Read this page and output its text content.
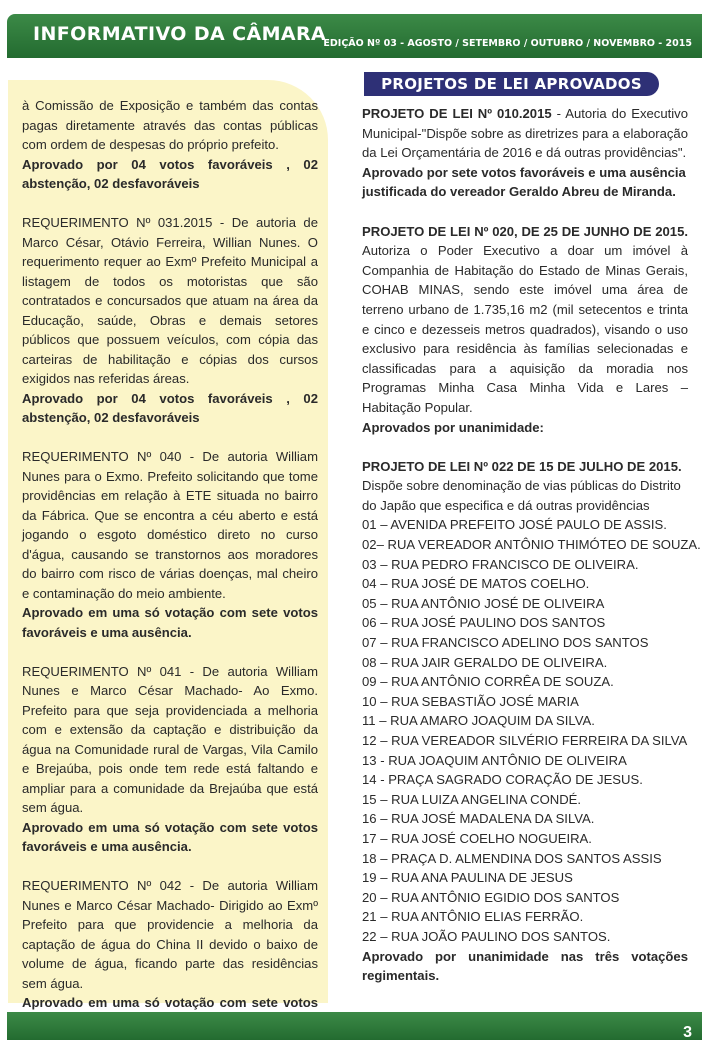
INFORMATIVO DA CÂMARA
EDIÇÃO Nº 03 - AGOSTO / SETEMBRO / OUTUBRO / NOVEMBRO - 2015

à Comissão de Exposição e também das contas pagas diretamente através das contas públicas com ordem de despesas do próprio prefeito.

Aprovado por 04 votos favoráveis , 02 abstenção, 02 desfavoráveis

REQUERIMENTO Nº 031.2015 - De autoria de Marco César, Otávio Ferreira, Willian Nunes. O requerimento requer ao Exmº Prefeito Municipal a listagem de todos os motoristas que são contratados e concursados que atuam na área da Educação, saúde, Obras e demais setores públicos que possuem veículos, com cópia das carteiras de habilitação e cópias dos cursos exigidos nas referidas áreas.

Aprovado por 04 votos favoráveis , 02 abstenção, 02 desfavoráveis

REQUERIMENTO Nº 040 - De autoria William Nunes para o Exmo. Prefeito solicitando que tome providências em relação à ETE situada no bairro da Fábrica. Que se encontra a céu aberto e está jogando o esgoto doméstico direto no curso d'água, causando se transtornos aos moradores do bairro com risco de várias doenças, mal cheiro e contaminação do meio ambiente.

Aprovado em uma só votação com sete votos favoráveis e uma ausência.

REQUERIMENTO Nº 041 - De autoria William Nunes e Marco César Machado- Ao Exmo. Prefeito para que seja providenciada a melhoria com e extensão da captação e distribuição da água na Comunidade rural de Vargas, Vila Camilo e Brejaúba, pois onde tem rede está faltando e ampliar para a comunidade da Brejaúba que está sem água.

Aprovado em uma só votação com sete votos favoráveis e uma ausência.

REQUERIMENTO Nº 042 - De autoria William Nunes e Marco César Machado- Dirigido ao Exmº Prefeito para que providencie a melhoria da captação de água do China II devido o baixo de volume de água, ficando parte das residências sem água.

Aprovado em uma só votação com sete votos

PROJETOS DE LEI APROVADOS
PROJETO DE LEI Nº 010.2015 - Autoria do Executivo Municipal-"Dispõe sobre as diretrizes para a elaboração da Lei Orçamentária de 2016 e dá outras providências".
Aprovado por sete votos favoráveis e uma ausência justificada do vereador Geraldo Abreu de Miranda.
PROJETO DE LEI Nº 020, DE 25 DE JUNHO DE 2015. Autoriza o Poder Executivo a doar um imóvel à Companhia de Habitação do Estado de Minas Gerais, COHAB MINAS, sendo este imóvel uma área de terreno urbano de 1.735,16 m2 (mil setecentos e trinta e cinco e dezesseis metros quadrados), visando o uso exclusivo para residência às famílias selecionadas e classificadas para a aquisição da moradia nos Programas Minha Casa Minha Vida e Lares – Habitação Popular.
Aprovados por unanimidade:
PROJETO DE LEI Nº 022 DE 15 DE JULHO DE 2015.
Dispõe sobre denominação de vias públicas do Distrito do Japão que especifica e dá outras providências
01 – AVENIDA PREFEITO JOSÉ PAULO DE ASSIS.
02– RUA VEREADOR ANTÔNIO THIMÓTEO DE SOUZA.
03 – RUA PEDRO FRANCISCO DE OLIVEIRA.
04 – RUA JOSÉ DE MATOS COELHO.
05 – RUA ANTÔNIO JOSÉ DE OLIVEIRA
06 – RUA JOSÉ PAULINO DOS SANTOS
07 – RUA FRANCISCO ADELINO DOS SANTOS
08 – RUA JAIR GERALDO DE OLIVEIRA.
09 – RUA ANTÔNIO CORRÊA DE SOUZA.
10 – RUA SEBASTIÃO JOSÉ MARIA
11 – RUA AMARO JOAQUIM DA SILVA.
12 – RUA VEREADOR SILVÉRIO FERREIRA DA SILVA
13 - RUA JOAQUIM ANTÔNIO DE OLIVEIRA
14 - PRAÇA SAGRADO CORAÇÃO DE JESUS.
15 – RUA LUIZA ANGELINA CONDÉ.
16 – RUA JOSÉ MADALENA DA SILVA.
17 – RUA JOSÉ COELHO NOGUEIRA.
18 – PRAÇA D. ALMENDINA DOS SANTOS ASSIS
19 – RUA ANA PAULINA DE JESUS
20 – RUA ANTÔNIO EGIDIO DOS SANTOS
21 – RUA ANTÔNIO ELIAS FERRÃO.
22 – RUA JOÃO PAULINO DOS SANTOS.
Aprovado por unanimidade nas três votações regimentais.
3
